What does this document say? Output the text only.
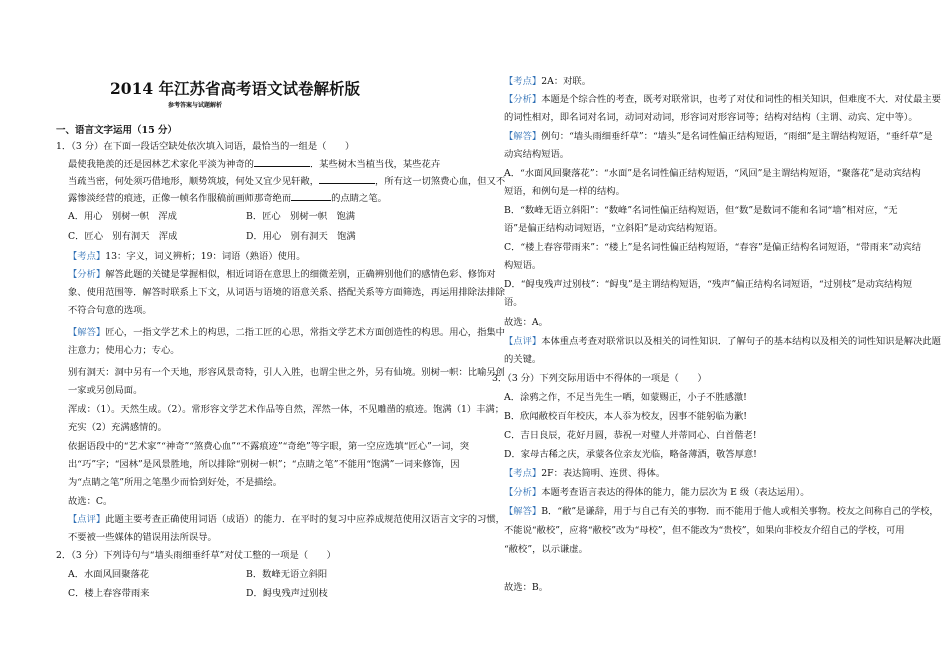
2014 年江苏省高考语文试卷解析版
参考答案与试题解析
一、语言文字运用（15 分）
1．（3 分）在下面一段话空缺处依次填入词语，最恰当的一组是（　　）
最使我艳羡的还是园林艺术家化平淡为神奇的	．某些树木当植当伐，某些花卉
当疏当密，何处须巧借地形，顺势筑坡，何处又宜少见轩敞，	，所有这一切煞费心血，但又不
露惨淡经营的痕迹，正像一帧名作服稿前画师那奇绝而	的点睛之笔。
A．用心　别树一帜　浑成	B．匠心　别树一帜　饱满
C．匠心　别有洞天　浑成	D．用心　别有洞天　饱满
【考点】13：字义，词义辨析；19：词语（熟语）使用。
【分析】解答此题的关键是掌握相似，相近词语在意思上的细微差别，正确辨别他们的感情色彩、修饰对
象、使用范围等．解答时联系上下文，从词语与语境的语意关系、搭配关系等方面筛选，再运用排除法排除
不符合句意的选项。
【解答】匠心，一指文学艺术上的构思，二指工匠的心思，常指文学艺术方面创造性的构思。用心，指集中
注意力；使用心力；专心。
别有洞天：洞中另有一个天地，形容风景奇特，引人入胜，也谓尘世之外，另有仙境。别树一帜：比喻另创
一家或另创局面。
浑成：（1）。天然生成。（2）。常形容文学艺术作品等自然，浑然一体，不见雕凿的痕迹。饱满（1）丰满；
充实（2）充满感情的。
依据语段中的“艺术家”“神奇”“煞费心血”“不露痕迹”“奇绝”等字眼，第一空应选填“匠心”一词，突
出“巧”字；“园林”是风景胜地，所以排除“别树一帜”；“点睛之笔”不能用“饱满”一词来修饰，因
为“点睛之笔”所用之笔墨少而恰到好处，不是描绘。
故选：C。
【点评】此题主要考查正确使用词语（成语）的能力．在平时的复习中应养成规范使用汉语言文字的习惯，
不要被一些媒体的错误用法所误导。
2．（3 分）下列诗句与“墙头雨细垂纤草”对仗工整的一项是（　　）
A．水面风回聚落花	B．数峰无语立斜阳
C．楼上春容带雨来	D．鲟曳残声过别枝
【考点】2A：对联。
【分析】本题是个综合性的考查，既考对联常识，也考了对仗和词性的相关知识，但难度不大．对仗最主要
的词性相对，即名词对名词，动词对动词，形容词对形容词等；结构对结构（主谓、动宾、定中等）。
【解答】例句：“墙头雨细垂纤草”：“墙头”是名词性偏正结构短语，“雨细”是主谓结构短语，“垂纤草”是
动宾结构短语。
A．“水面风回聚落花”：“水面”是名词性偏正结构短语，“风回”是主谓结构短语，“聚落花”是动宾结构
短语，和例句是一样的结构。
B．“数峰无语立斜阳”：“数峰”名词性偏正结构短语，但“数”是数词不能和名词“墙”相对应，“无
语”是偏正结构动词短语，“立斜阳”是动宾结构短语。
C．“楼上春容带雨来”：“楼上”是名词性偏正结构短语，“春容”是偏正结构名词短语，“带雨来”动宾结
构短语。
D．“鲟曳残声过别枝”：“鲟曳”是主谓结构短语，“残声”偏正结构名词短语，“过别枝”是动宾结构短
语。
故选：A。
【点评】本体重点考查对联常识以及相关的词性知识．了解句子的基本结构以及相关的词性知识是解决此题
的关键。
3．（3 分）下列交际用语中不得体的一项是（　　）
A．涂鸦之作，不足当先生一哂，如蒙赐正，小子不胜感激!
B．欣闻敝校百年校庆，本人忝为校友，因事不能躬临为歉!
C．吉日良辰，花好月圆，恭祝一对璧人并蒂同心、白首偕老!
D．家母古稀之庆，承蒙各位亲友光临，略备薄酒，敬答厚意!
【考点】2F：表达简明、连贯、得体。
【分析】本题考查语言表达的得体的能力，能力层次为 E 级（表达运用）。
【解答】B．“敝”是谦辞，用于与自己有关的事物．而不能用于他人或相关事物。校友之间称自己的学校，
不能说“敝校”，应将“敝校”改为“母校”，但不能改为“贵校”，如果向非校友介绍自己的学校，可用
“敝校”，以示谦虚。
故选：B。
